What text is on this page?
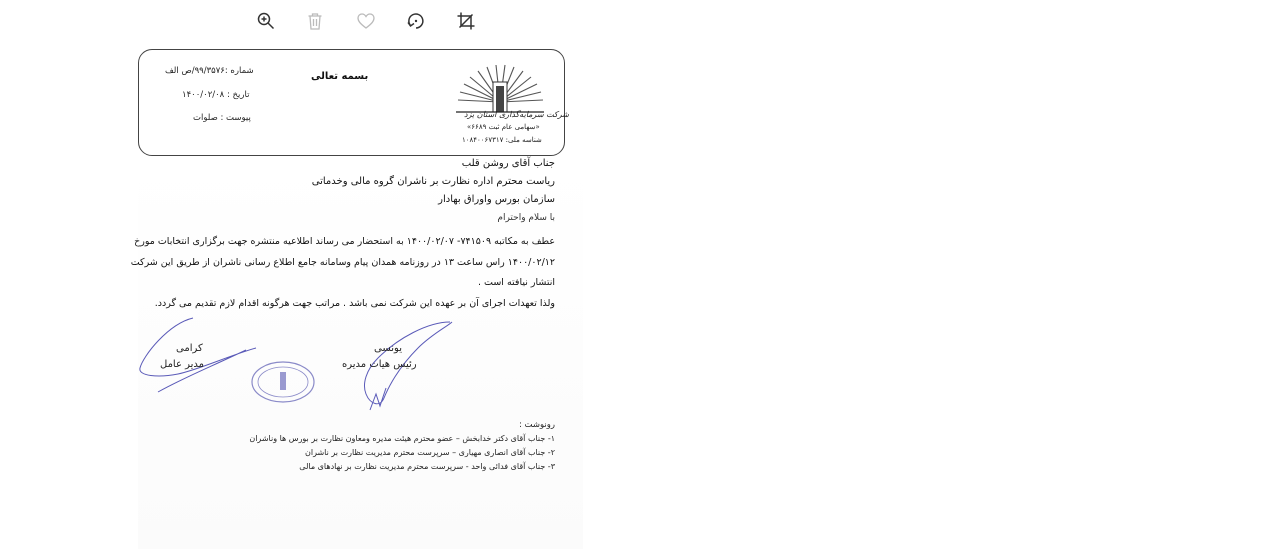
شرکت سرمایه‌گذاری استان یزد
«سهامی عام ثبت ۶۶۸۹»
شناسه ملی: ۱۰۸۴۰۰۶۷۳۱۷
بسمه تعالی
شماره :۹۹/۳۵۷۶/ص الف
تاریخ : ۱۴۰۰/۰۲/۰۸
پیوست : صلوات
جناب آقای روشن قلب
ریاست محترم اداره نظارت بر ناشران گروه مالی وخدماتی
سازمان بورس واوراق بهادار
با سلام واحترام
عطف به مکاتبه ۷۴۱۵۰۹- ۱۴۰۰/۰۲/۰۷ به استحضار می رساند اطلاعیه منتشره جهت برگزاری انتخابات مورخ
۱۴۰۰/۰۲/۱۲ راس ساعت ۱۳ در روزنامه همدان پیام وسامانه جامع اطلاع رسانی ناشران از طریق این شرکت
انتشار نیافته است .
ولذا تعهدات اجرای آن بر عهده این شرکت نمی باشد . مراتب جهت هرگونه اقدام لازم تقدیم می گردد.
یونسی
رئیس هیات مدیره
کرامی
مدیر عامل
رونوشت :
۱- جناب آقای دکتر خدابخش – عضو محترم هیئت مدیره ومعاون نظارت بر بورس ها وناشران
۲- جناب آقای انصاری مهیاری – سرپرست محترم مدیریت نظارت بر ناشران
۳- جناب آقای فدائی واحد - سرپرست محترم مدیریت نظارت بر نهادهای مالی
